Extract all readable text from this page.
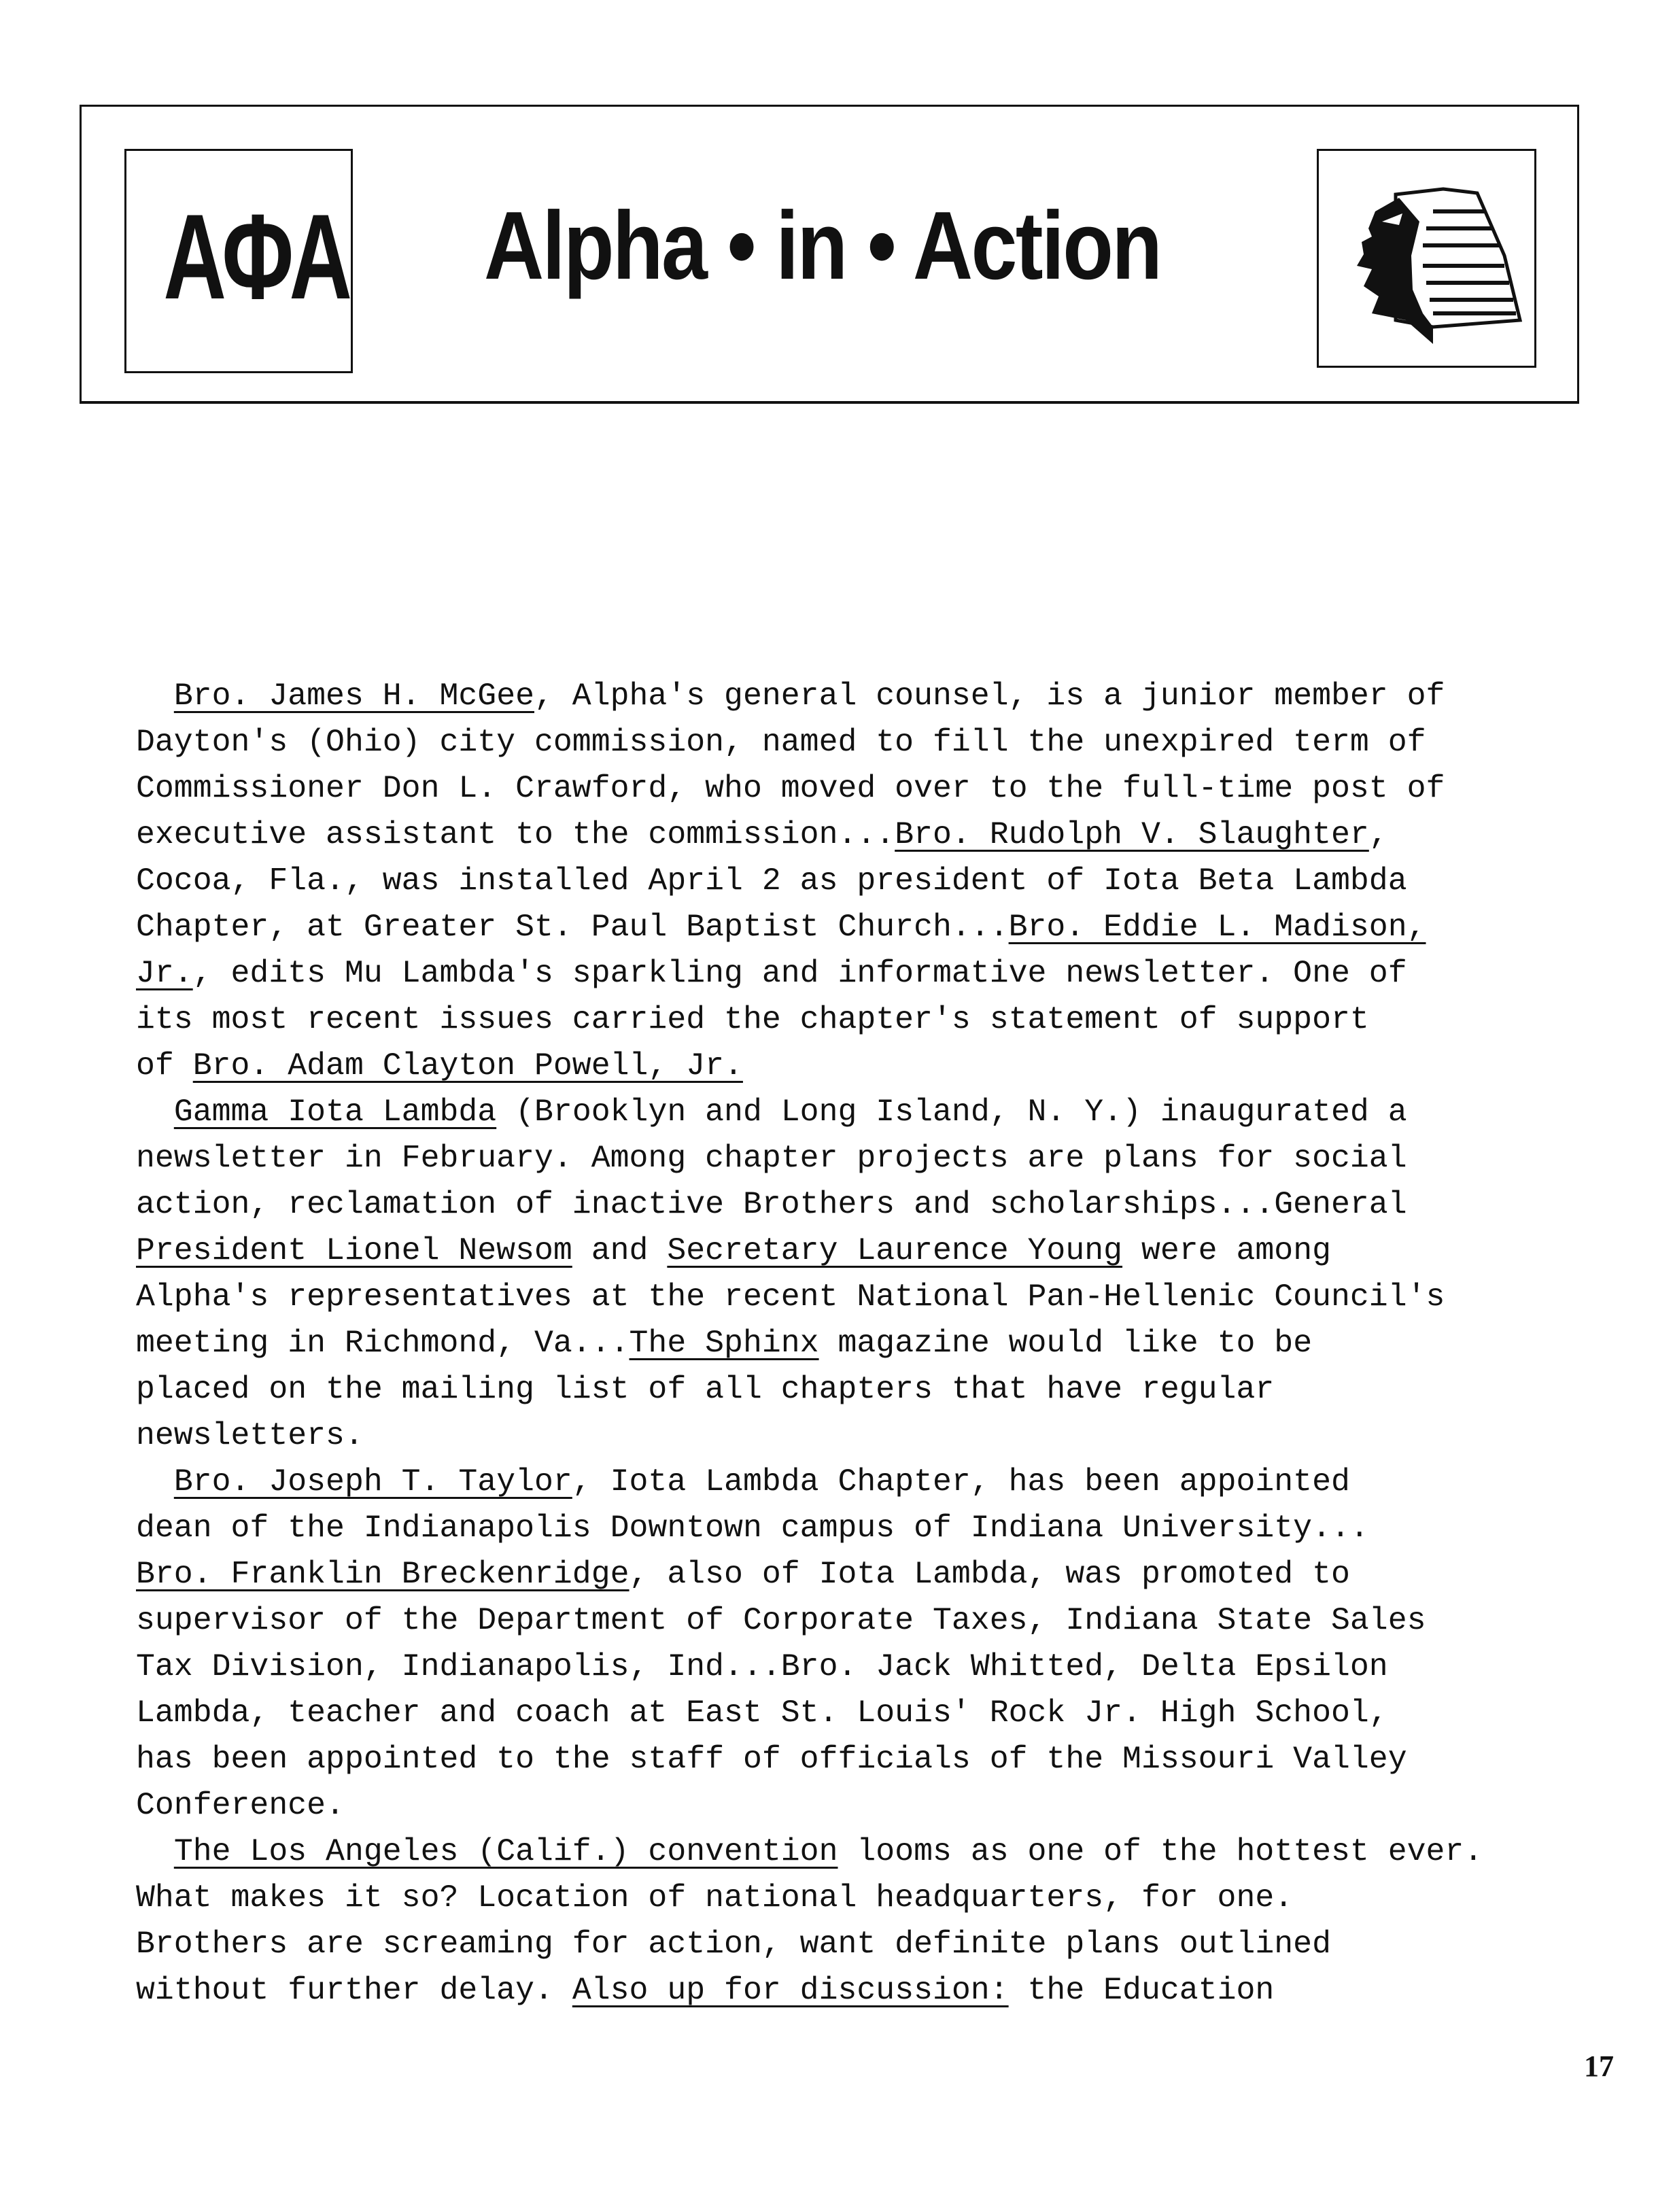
ΑΦΑ Alpha • in • Action
Bro. James H. McGee, Alpha's general counsel, is a junior member of
Dayton's (Ohio) city commission, named to fill the unexpired term of
Commissioner Don L. Crawford, who moved over to the full-time post of
executive assistant to the commission...Bro. Rudolph V. Slaughter,
Cocoa, Fla., was installed April 2 as president of Iota Beta Lambda
Chapter, at Greater St. Paul Baptist Church...Bro. Eddie L. Madison,
Jr., edits Mu Lambda's sparkling and informative newsletter. One of
its most recent issues carried the chapter's statement of support
of Bro. Adam Clayton Powell, Jr.
Gamma Iota Lambda (Brooklyn and Long Island, N. Y.) inaugurated a
newsletter in February. Among chapter projects are plans for social
action, reclamation of inactive Brothers and scholarships...General
President Lionel Newsom and Secretary Laurence Young were among
Alpha's representatives at the recent National Pan-Hellenic Council's
meeting in Richmond, Va...The Sphinx magazine would like to be
placed on the mailing list of all chapters that have regular
newsletters.
Bro. Joseph T. Taylor, Iota Lambda Chapter, has been appointed
dean of the Indianapolis Downtown campus of Indiana University...
Bro. Franklin Breckenridge, also of Iota Lambda, was promoted to
supervisor of the Department of Corporate Taxes, Indiana State Sales
Tax Division, Indianapolis, Ind...Bro. Jack Whitted, Delta Epsilon
Lambda, teacher and coach at East St. Louis' Rock Jr. High School,
has been appointed to the staff of officials of the Missouri Valley
Conference.
The Los Angeles (Calif.) convention looms as one of the hottest ever.
What makes it so? Location of national headquarters, for one.
Brothers are screaming for action, want definite plans outlined
without further delay. Also up for discussion: the Education
17
